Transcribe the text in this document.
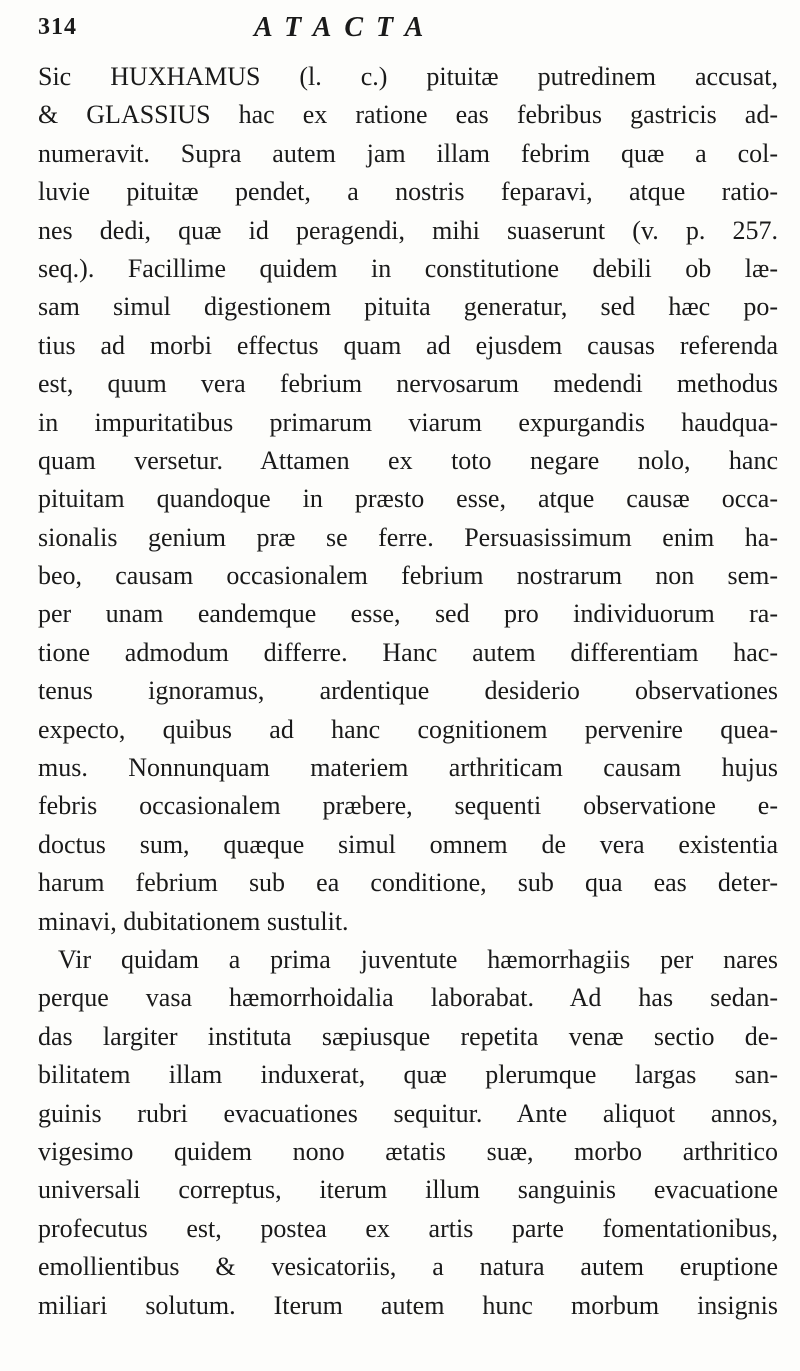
314	ATACTA
Sic HUXHAMUS (l. c.) pituitæ putredinem accusat,
& GLASSIUS hac ex ratione eas febribus gastricis ad-
numeravit. Supra autem jam illam febrim quæ a col-
luvie pituitæ pendet, a nostris feparavi, atque ratio-
nes dedi, quæ id peragendi, mihi suaserunt (v. p. 257.
seq.). Facillime quidem in constitutione debili ob læ-
sam simul digestionem pituita generatur, sed hæc po-
tius ad morbi effectus quam ad ejusdem causas referenda
est, quum vera febrium nervosarum medendi methodus
in impuritatibus primarum viarum expurgandis haudqua-
quam versetur. Attamen ex toto negare nolo, hanc
pituitam quandoque in præsto esse, atque causæ occa-
sionalis genium præ se ferre. Persuasissimum enim ha-
beo, causam occasionalem febrium nostrarum non sem-
per unam eandemque esse, sed pro individuorum ra-
tione admodum differre. Hanc autem differentiam hac-
tenus ignoramus, ardentique desiderio observationes
expecto, quibus ad hanc cognitionem pervenire quea-
mus. Nonnunquam materiem arthriticam causam hujus
febris occasionalem præbere, sequenti observatione e-
doctus sum, quæque simul omnem de vera existentia
harum febrium sub ea conditione, sub qua eas deter-
minavi, dubitationem sustulit.
Vir quidam a prima juventute hæmorrhagiis per nares
perque vasa hæmorrhoidalia laborabat. Ad has sedan-
das largiter instituta sæpiusque repetita venæ sectio de-
bilitatem illam induxerat, quæ plerumque largas san-
guinis rubri evacuationes sequitur. Ante aliquot annos,
vigesimo quidem nono ætatis suæ, morbo arthritico
universali correptus, iterum illum sanguinis evacuatione
profecutus est, postea ex artis parte fomentationibus,
emollientibus & vesicatoriis, a natura autem eruptione
miliari solutum. Iterum autem hunc morbum insignis
